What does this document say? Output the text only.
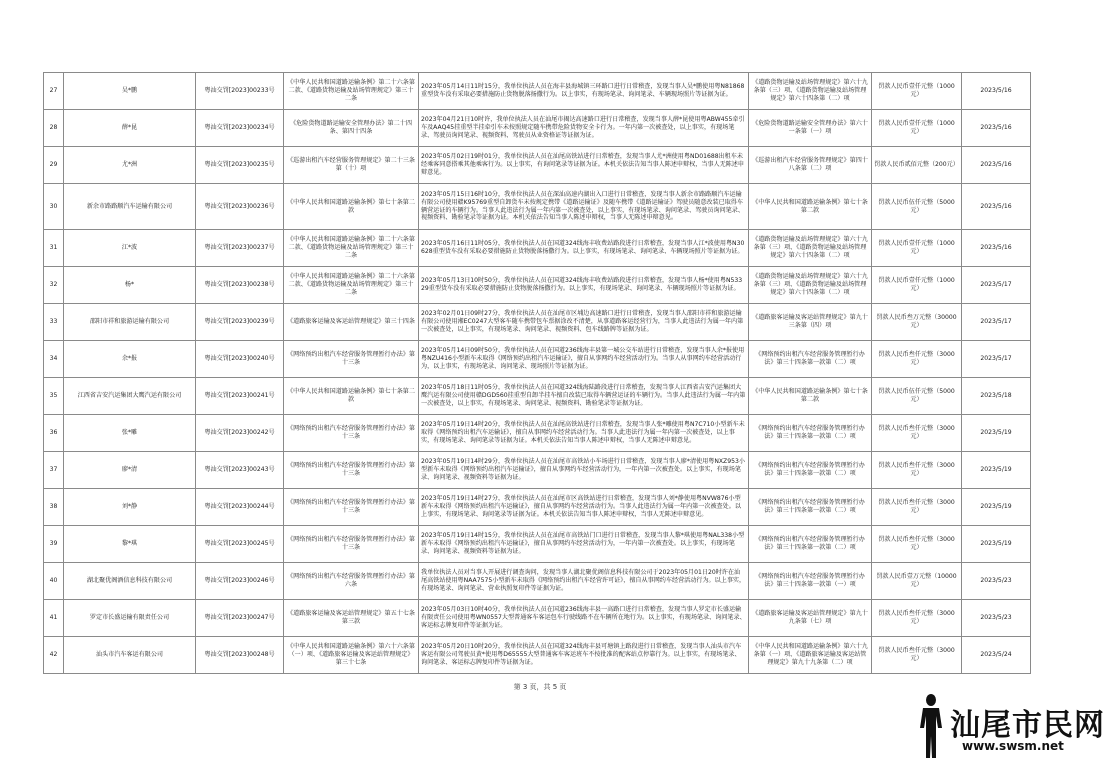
27	吴*鹏	粤汕交罚[2023]00233号	《中华人民共和国道路运输条例》第二十六条第二款、《道路货物运输及站场管理规定》第三十二条	2023年05月14日11时15分，我单位执法人员在海丰县海城镇三环路口进行日常稽查，发现当事人吴*鹏使用粤N81868重型货车没有采取必要措施防止货物脱落扬撒行为。以上事实，有现场笔录、询问笔录、车辆现场照片等证据为证。	《道路货物运输及站场管理规定》第六十九条第（三）项、《道路货物运输及站场管理规定》第六十四条第（二）项	罚款人民币壹仟元整（1000元）	2023/5/16
28	薛*昆	粤汕交罚[2023]00234号	《危险货物道路运输安全管理办法》第二十四条、第四十四条	2023年04月21日10时许，我单位执法人员在汕尾市揭达高速路口进行日常稽查，发现当事人薛*昆使用粤ABW455牵引车及AAQ45挂重型半挂牵引车未按照规定随车携带危险货物安全卡行为。一年内第一次被查处，以上事实，有现场笔录、驾驶员询问笔录、视频资料、驾驶员从业资格证等证据为证。	《危险货物道路运输安全管理办法》第六十一条第（一）项	罚款人民币壹仟元整（1000元）	2023/5/16
29	尤*洲	粤汕交罚[2023]00235号	《巡游出租汽车经营服务管理规定》第二十三条第（十）项	2023年05月02日19时01分，我单位执法人员在汕尾高铁站进行日常稽查，发现当事人尤*洲使用粤ND01688出租车未经乘客同意搭乘其他乘客行为。以上事实，有询问笔录等证据为证。本机关依法告知当事人陈述申辩权，当事人无陈述申辩意见。	《巡游出租汽车经营服务管理规定》第四十八条第（二）项	罚款人民币贰佰元整（200元）	2023/5/16
30	新余市路路顺汽车运输有限公司	粤汕交罚[2023]00236号	《中华人民共和国道路运输条例》第七十条第二款	2023年05月15日16时10分，我单位执法人员在深汕高速内湖出入口进行日常稽查，发现当事人新余市路路顺汽车运输有限公司使用赣K95769重型自卸货车未按规定携带《道路运输证》及随车携带《道路运输证》驾驶员随意改装已取得车辆营运证的车辆行为。当事人此违法行为属一年内第一次被查处，以上事实，有现场笔录、询问笔录、驾驶员询问笔录、视频资料、勘验笔录等证据为证。本机关依法告知当事人陈述申辩权，当事人无陈述申辩意见。	《中华人民共和国道路运输条例》第七十条第二款	罚款人民币伍仟元整（5000元）	2023/5/16
31	江*波	粤汕交罚[2023]00237号	《中华人民共和国道路运输条例》第二十六条第二款、《道路货物运输及站场管理规定》第三十二条	2023年05月16日11时05分，我单位执法人员在国道324线海丰收费站路段进行日常稽查，发现当事人江*波使用粤N30628重型货车没有采取必要措施防止货物脱落扬撒行为。以上事实，有现场笔录、询问笔录、车辆现场照片等证据为证。	《道路货物运输及站场管理规定》第六十九条第（三）项、《道路货物运输及站场管理规定》第六十四条第（二）项	罚款人民币壹仟元整（1000元）	2023/5/16
32	杨*	粤汕交罚[2023]00238号	《中华人民共和国道路运输条例》第二十六条第二款、《道路货物运输及站场管理规定》第三十二条	2023年05月13日10时50分，我单位执法人员在国道324线海丰收费站路段进行日常稽查，发现当事人杨*使用粤N53329重型货车没有采取必要措施防止货物脱落扬撒行为。以上事实，有现场笔录、询问笔录、车辆现场照片等证据为证。	《道路货物运输及站场管理规定》第六十九条第（三）项、《道路货物运输及站场管理规定》第六十四条第（二）项	罚款人民币壹仟元整（1000元）	2023/5/17
33	邵阳市祥和旅游运输有限公司	粤汕交罚[2023]00239号	《道路旅客运输及客运站管理规定》第三十四条	2023年02月01日09时27分，我单位执法人员在汕尾市区埔边高速路口进行日常稽查，发现当事人邵阳市祥和旅游运输有限公司使用湘EC0247大型客车随车携带包车票据涂改不清楚，从事道路客运经营行为，当事人此违法行为属一年内第一次被查处，以上事实，有现场笔录、询问笔录、视频资料、包车线路牌等证据为证。	《道路旅客运输及客运站管理规定》第九十三条第（四）项	罚款人民币叁万元整（30000元）	2023/5/17
34	余*报	粤汕交罚[2023]00240号	《网络预约出租汽车经营服务管理暂行办法》第十三条	2023年05月14日09时50分，我单位执法人员在国道236线海丰县第一城公交车站进行日常稽查，发现当事人余*报使用粤NZU416小型新车未取得《网络预约出租汽车运输证》，擅自从事网约车经营活动行为。当事人从事网约车经营活动行为，以上事实，有现场笔录、询问笔录、现场照片等证据为证。	《网络预约出租汽车经营服务管理暂行办法》第三十四条第一款第（二）项	罚款人民币叁仟元整（3000元）	2023/5/17
35	江西省吉安汽运集团大鹰汽运有限公司	粤汕交罚[2023]00241号	《中华人民共和国道路运输条例》第七十条第二款	2023年05月18日11时05分，我单位执法人员在国道324线海陆路段进行日常稽查，发现当事人江西省吉安汽运集团大鹰汽运有限公司使用赣DGD560挂重型自卸半挂车擅自改装已取得车辆营运证的车辆行为。当事人此违法行为属一年内第一次被查处，以上事实，有现场笔录、询问笔录、视频资料、勘验笔录等证据为证。	《中华人民共和国道路运输条例》第七十条第二款	罚款人民币伍仟元整（5000元）	2023/5/18
36	张*雕	粤汕交罚[2023]00242号	《网络预约出租汽车经营服务管理暂行办法》第十三条	2023年05月19日14时20分，我单位执法人员在汕尾高铁站进行日常稽查，发现当事人张*雕使用粤N7C710小型新车未取得《网络预约出租汽车运输证》，擅自从事网约车经营活动行为。当事人此违法行为属一年内第一次被查处，以上事实，有现场笔录、询问笔录等证据为证。本机关依法告知当事人陈述申辩权，当事人无陈述申辩意见。	《网络预约出租汽车经营服务管理暂行办法》第三十四条第一款第（二）项	罚款人民币叁仟元整（3000元）	2023/5/19
37	廖*清	粤汕交罚[2023]00243号	《网络预约出租汽车经营服务管理暂行办法》第十三条	2023年05月19日14时29分，我单位执法人员在汕尾市高铁站小车场进行日常稽查，发现当事人廖*清使用粤NXZ953小型新车未取得《网络预约出租汽车运输证》，擅自从事网约车经营活动行为，一年内第一次被查处。以上事实，有现场笔录、询问笔录、视频资料等证据为证。	《网络预约出租汽车经营服务管理暂行办法》第三十四条第一款第（二）项	罚款人民币叁仟元整（3000元）	2023/5/19
38	刘*静	粤汕交罚[2023]00244号	《网络预约出租汽车经营服务管理暂行办法》第十三条	2023年05月19日14时27分，我单位执法人员在汕尾市区高铁站进行日常稽查，发现当事人刘*静使用粤NVW876小型新车未取得《网络预约出租汽车运输证》，擅自从事网约车经营活动行为。当事人此违法行为属一年内第一次被查处。以上事实，有现场笔录、询问笔录等证据为证。本机关依法告知当事人陈述申辩权，当事人无陈述申辩意见。	《网络预约出租汽车经营服务管理暂行办法》第三十四条第一款第（二）项	罚款人民币叁仟元整（3000元）	2023/5/19
39	黎*琪	粤汕交罚[2023]00245号	《网络预约出租汽车经营服务管理暂行办法》第十三条	2023年05月19日14时15分，我单位执法人员在汕尾市高铁站门口进行日常稽查，发现当事人黎*琪使用粤NAL338小型新车未取得《网络预约出租汽车运输证》，擅自从事网约车经营活动行为，一年内第一次被查处。以上事实，有现场笔录、询问笔录、视频资料等证据为证。	《网络预约出租汽车经营服务管理暂行办法》第三十四条第一款第（二）项	罚款人民币叁仟元整（3000元）	2023/5/19
40	湖北聚优阁酒信息科技有限公司	粤汕交罚[2023]00246号	《网络预约出租汽车经营服务管理暂行办法》第六条	我单位执法人员对当事人开展进行调查询问，发现当事人湖北聚优阁信息科技有限公司于2023年05月01日20时许在汕尾高铁站使用粤NAA7575小型新车未取得《网络预约出租汽车经营许可证》，擅自从事网约车经营活动行为。以上事实，有现场笔录、询问笔录、营业执照复印件等证据为证。	《网络预约出租汽车经营服务管理暂行办法》第三十四条第一款第（一）项	罚款人民币壹万元整（10000元）	2023/5/23
41	罗定市长盛运输有限责任公司	粤汕交罚[2023]00247号	《道路旅客运输及客运站管理规定》第五十七条第三款	2023年05月03日10时40分，我单位执法人员在国道236线海丰县一高路口进行日常稽查，发现当事人罗定市长盛运输有限责任公司使用粤WN0557大型普通客车客运包车行驶线路不在车辆所在地行为。以上事实，有现场笔录、询问笔录、客运标志牌复印件等证据为证。	《道路旅客运输及客运站管理规定》第九十九条第（七）项	罚款人民币叁仟元整（3000元）	2023/5/23
42	汕头市汽车客运有限公司	粤汕交罚[2023]00248号	《中华人民共和国道路运输条例》第六十六条第（一）项、《道路旅客运输及客运站管理规定》第三十七条	2023年05月20日10时20分，我单位执法人员在国道324线海丰县可塘镇上路段进行日常稽查，发现当事人汕头市汽车客运有限公司驾驶员黄*使用粤D65555大型普通客车客运班车不按批准的配客站点停靠行为。以上事实，有现场笔录、询问笔录、客运标志牌复印件等证据为证。	《中华人民共和国道路运输条例》第六十九条第（一）项、《道路旅客运输及客运站管理规定》第九十九条第（二）项	罚款人民币叁仟元整（3000元）	2023/5/24
第 3 页，共 5 页
汕尾市民网
www.swsm.net
